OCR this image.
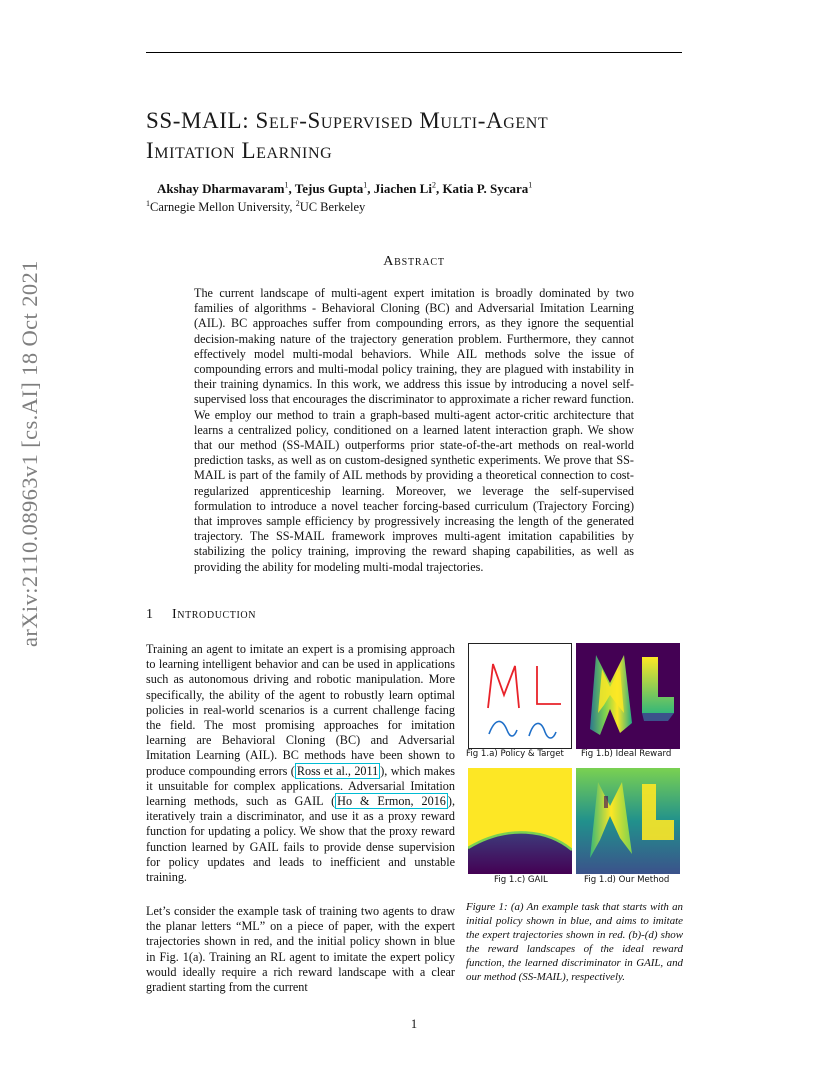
SS-MAIL: Self-Supervised Multi-Agent
Imitation Learning
Akshay Dharmavaram$^1$, Tejus Gupta$^1$, Jiachen Li$^2$, Katia P. Sycara$^1$
$^1$Carnegie Mellon University, $^2$UC Berkeley
Abstract

The current landscape of multi-agent expert imitation is broadly dominated by two families of algorithms - Behavioral Cloning (BC) and Adversarial Imitation Learning (AIL). BC approaches suffer from compounding errors, as they ignore the sequential decision-making nature of the trajectory generation problem. Furthermore, they cannot effectively model multi-modal behaviors. While AIL methods solve the issue of compounding errors and multi-modal policy training, they are plagued with instability in their training dynamics. In this work, we address this issue by introducing a novel self-supervised loss that encourages the discriminator to approximate a richer reward function. We employ our method to train a graph-based multi-agent actor-critic architecture that learns a centralized policy, conditioned on a learned latent interaction graph. We show that our method (SS-MAIL) outperforms prior state-of-the-art methods on real-world prediction tasks, as well as on custom-designed synthetic experiments. We prove that SS-MAIL is part of the family of AIL methods by providing a theoretical connection to cost-regularized apprenticeship learning. Moreover, we leverage the self-supervised formulation to introduce a novel teacher forcing-based curriculum (Trajectory Forcing) that improves sample efficiency by progressively increasing the length of the generated trajectory. The SS-MAIL framework improves multi-agent imitation capabilities by stabilizing the policy training, improving the reward shaping capabilities, as well as providing the ability for modeling multi-modal trajectories.

1 Introduction

Training an agent to imitate an expert is a promising approach to learning intelligent behavior and can be used in applications such as autonomous driving and robotic manipulation. More specifically, the ability of the agent to robustly learn optimal policies in real-world scenarios is a current challenge facing the field. The most promising approaches for imitation learning are Behavioral Cloning (BC) and Adversarial Imitation Learning (AIL). BC methods have been shown to produce compounding errors ( Ross et al., 2011 ), which makes it unsuitable for complex applications. Adversarial Imitation learning methods, such as GAIL ( Ho & Ermon, 2016 ), iteratively train a discriminator, and use it as a proxy reward function for updating a policy. We show that the proxy reward function learned by GAIL fails to provide dense supervision for policy updates and leads to inefficient and unstable training.

Let’s consider the example task of training two agents to draw the planar letters “ML” on a piece of paper, with the expert trajectories shown in red, and the initial policy shown in blue in Fig. 1(a). Training an RL agent to imitate the expert policy would ideally require a rich reward landscape with a clear gradient starting from the current

arXiv:2110.08963v1 [cs.AI] 18 Oct 2021
Fig 1.a) Policy & Target Fig 1.b) Ideal Reward
Fig 1.c) GAIL	Fig 1.d) Our Method

Figure 1: (a) An example task that starts with an initial policy shown in blue, and aims to imitate the expert trajectories shown in red. (b)-(d) show the reward landscapes of the ideal reward function, the learned discriminator in GAIL, and our method (SS-MAIL), respectively.

1
